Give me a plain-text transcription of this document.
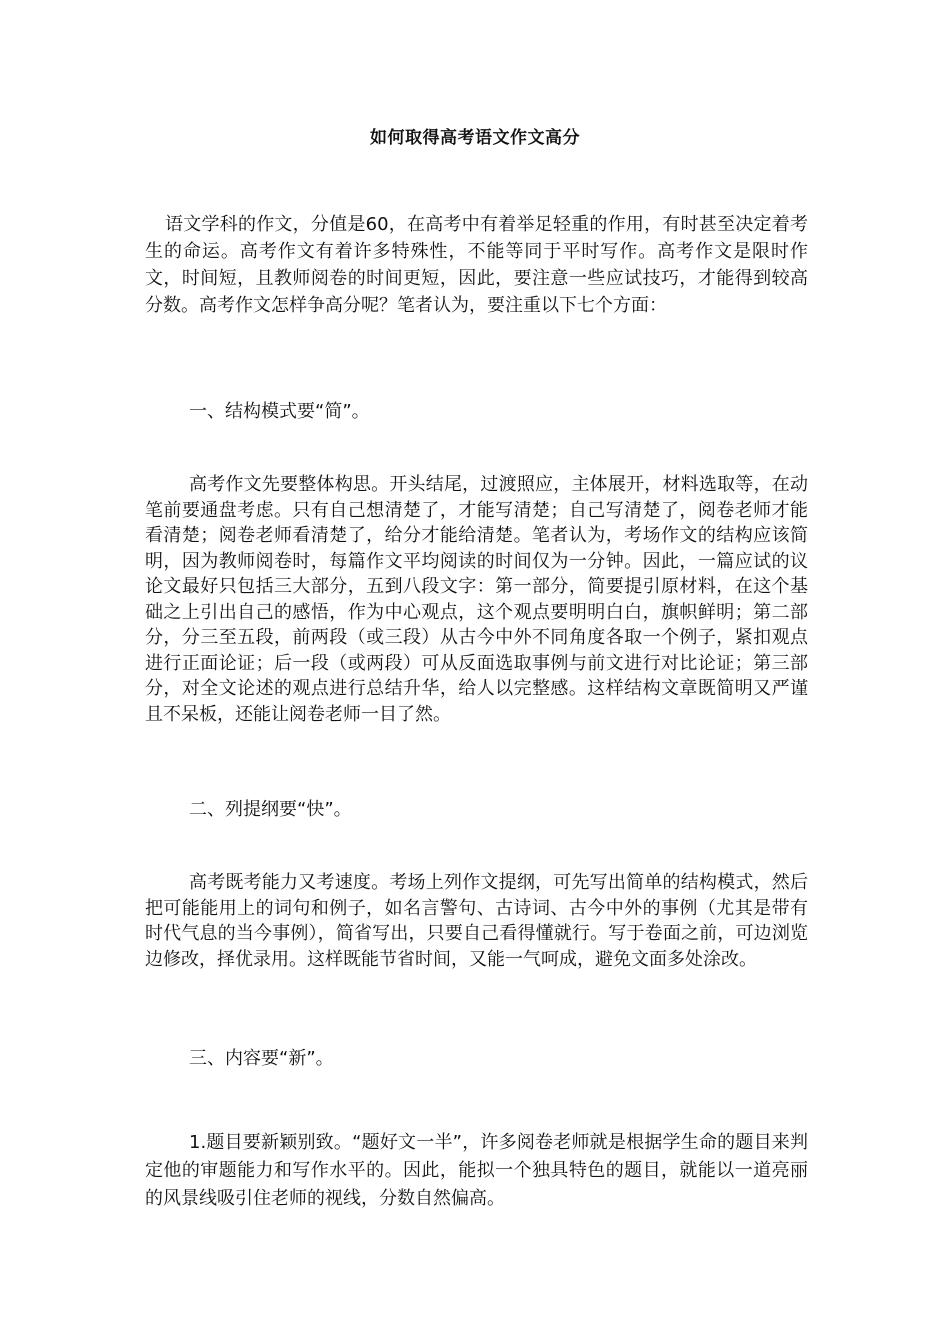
如何取得高考语文作文高分

语文学科的作文，分值是60，在高考中有着举足轻重的作用，有时甚至决定着考生的命运。高考作文有着许多特殊性，不能等同于平时写作。高考作文是限时作文，时间短，且教师阅卷的时间更短，因此，要注意一些应试技巧，才能得到较高分数。高考作文怎样争高分呢？笔者认为，要注重以下七个方面：

一、结构模式要“简”。

高考作文先要整体构思。开头结尾，过渡照应，主体展开，材料选取等，在动笔前要通盘考虑。只有自己想清楚了，才能写清楚；自己写清楚了，阅卷老师才能看清楚；阅卷老师看清楚了，给分才能给清楚。笔者认为，考场作文的结构应该简明，因为教师阅卷时，每篇作文平均阅读的时间仅为一分钟。因此，一篇应试的议论文最好只包括三大部分，五到八段文字：第一部分，简要提引原材料，在这个基础之上引出自己的感悟，作为中心观点，这个观点要明明白白，旗帜鲜明；第二部分，分三至五段，前两段（或三段）从古今中外不同角度各取一个例子，紧扣观点进行正面论证；后一段（或两段）可从反面选取事例与前文进行对比论证；第三部分，对全文论述的观点进行总结升华，给人以完整感。这样结构文章既简明又严谨且不呆板，还能让阅卷老师一目了然。

二、列提纲要“快”。

高考既考能力又考速度。考场上列作文提纲，可先写出简单的结构模式，然后把可能能用上的词句和例子，如名言警句、古诗词、古今中外的事例（尤其是带有时代气息的当今事例），简省写出，只要自己看得懂就行。写于卷面之前，可边浏览边修改，择优录用。这样既能节省时间，又能一气呵成，避免文面多处涂改。

三、内容要“新”。

1.题目要新颖别致。“题好文一半”，许多阅卷老师就是根据学生命的题目来判定他的审题能力和写作水平的。因此，能拟一个独具特色的题目，就能以一道亮丽的风景线吸引住老师的视线，分数自然偏高。
